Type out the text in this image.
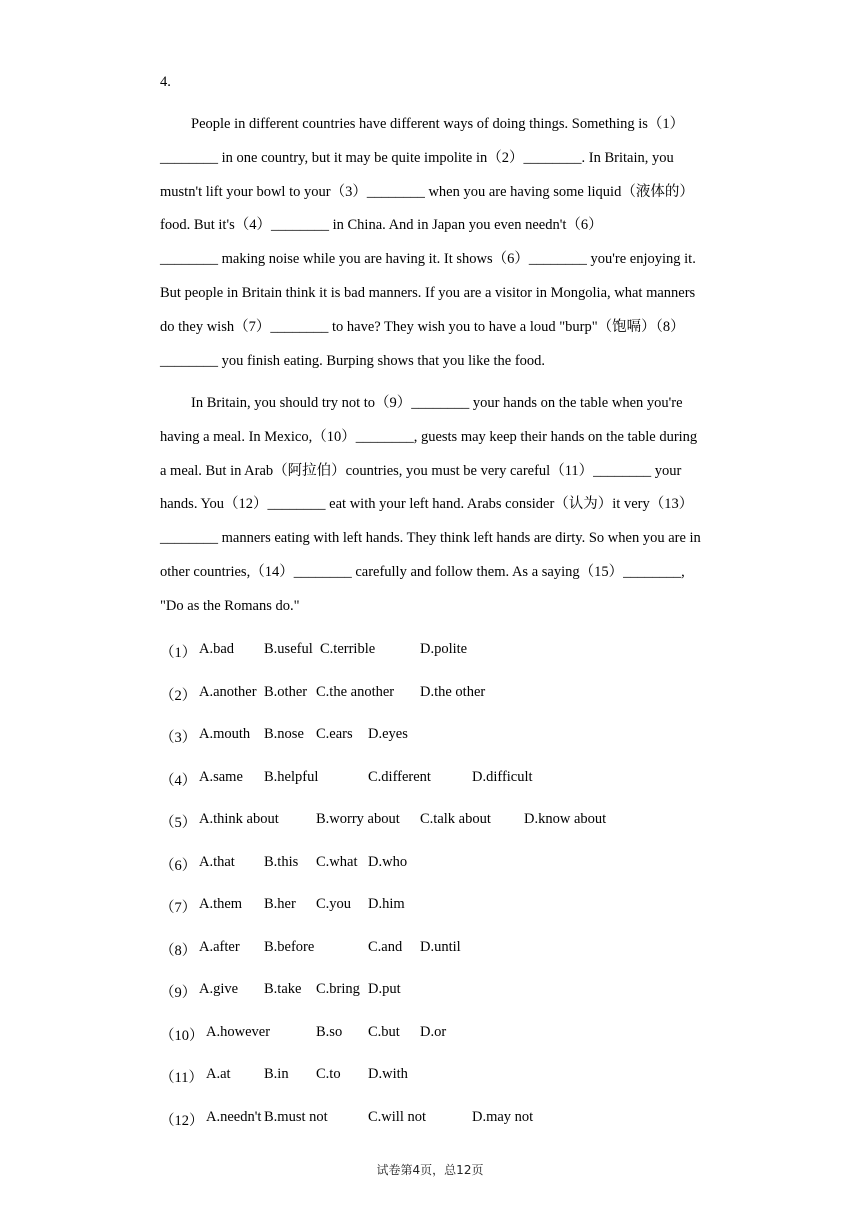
4.
People in different countries have different ways of doing things. Something is（1）
________ in one country, but it may be quite impolite in（2）________. In Britain, you
mustn't lift your bowl to your（3）________ when you are having some liquid（液体的）
food. But it's（4）________ in China. And in Japan you even needn't（6）
________ making noise while you are having it. It shows（6）________ you're enjoying it.
But people in Britain think it is bad manners. If you are a visitor in Mongolia, what manners
do they wish（7）________ to have? They wish you to have a loud "burp"（饱嗝）（8）
________ you finish eating. Burping shows that you like the food.
In Britain, you should try not to（9）________ your hands on the table when you're
having a meal. In Mexico,（10）________, guests may keep their hands on the table during
a meal. But in Arab（阿拉伯）countries, you must be very careful（11）________ your
hands. You（12）________ eat with your left hand. Arabs consider（认为）it very（13）
________ manners eating with left hands. They think left hands are dirty. So when you are in
other countries,（14）________ carefully and follow them. As a saying（15）________,
"Do as the Romans do."
（1） A.bad B.useful C.terrible	D.polite
（2） A.another B.other C.the another D.the other
（3） A.mouth B.nose C.ears D.eyes
（4） A.same B.helpful	C.different	D.difficult
（5） A.think about	B.worry about C.talk about D.know about
（6） A.that B.this C.what D.who
（7） A.them B.her C.you D.him
（8） A.after B.before	C.and D.until
（9） A.give B.take C.bring D.put
（10） A.however	B.so C.but D.or
（11） A.at B.in C.to D.with
（12） A.needn't B.must not	C.will not	D.may not
试卷第4页，总12页
